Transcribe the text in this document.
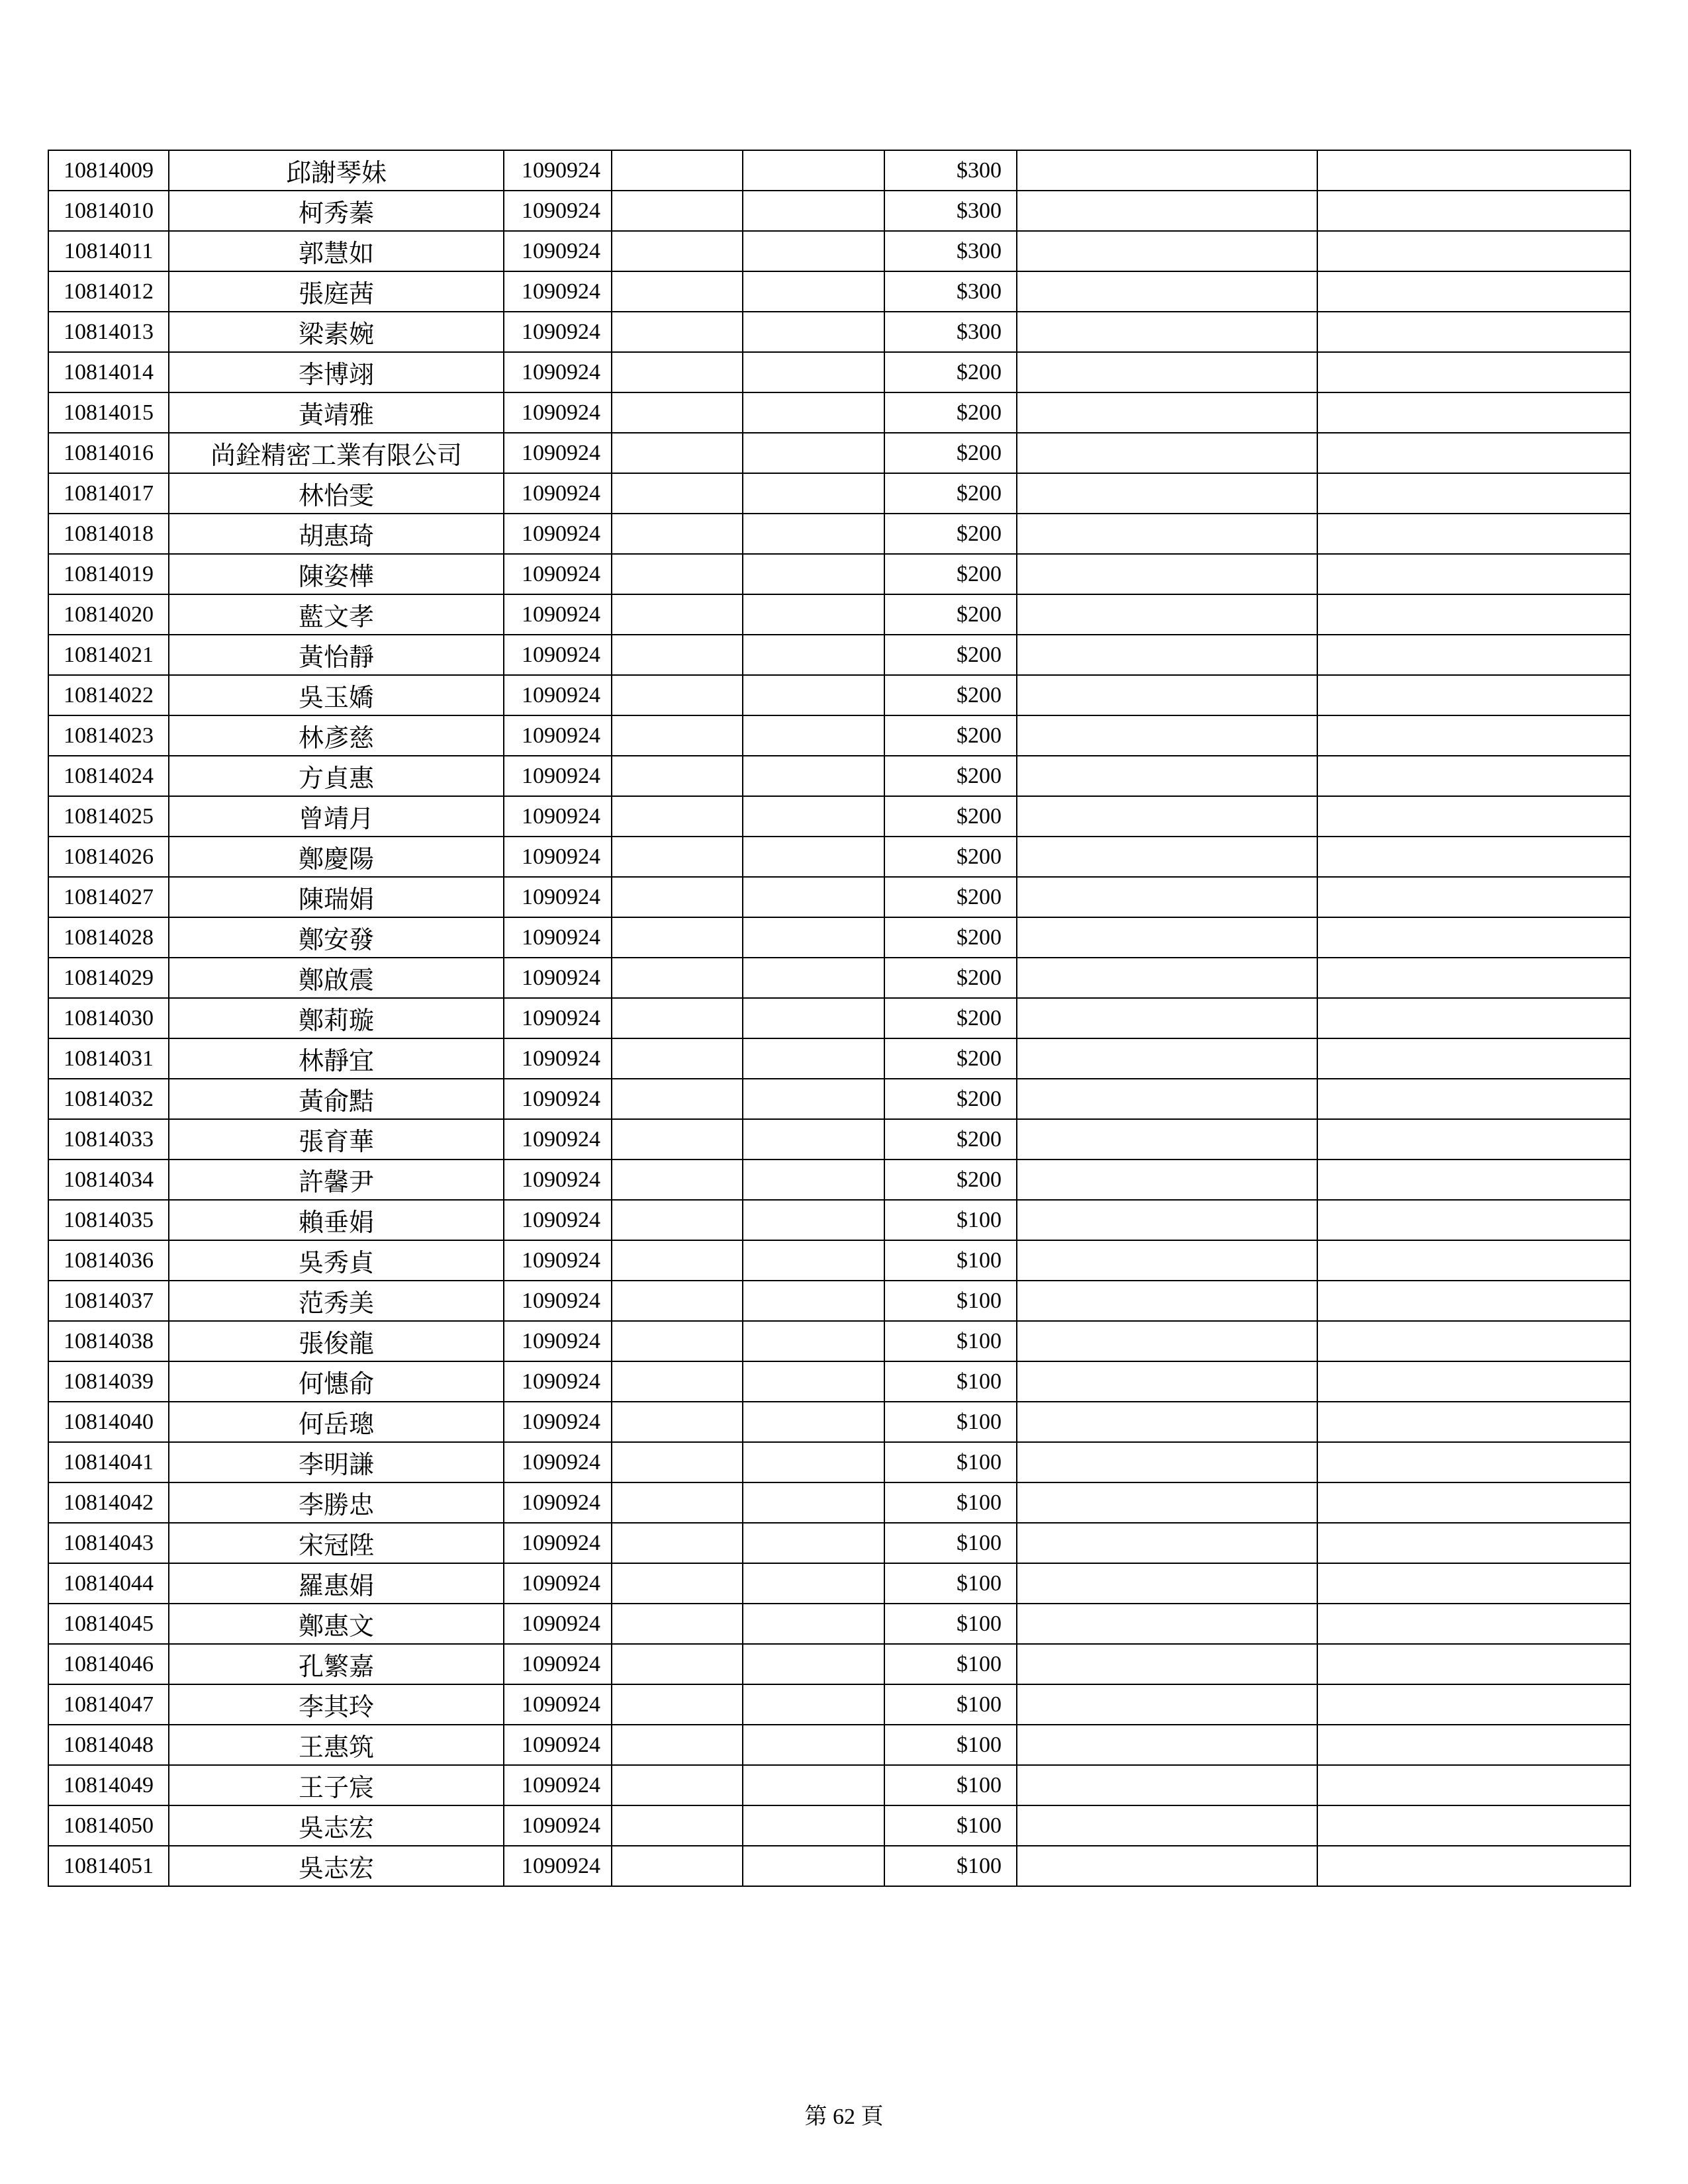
10814009	邱謝琴妹	1090924			$300		
10814010	柯秀蓁	1090924			$300		
10814011	郭慧如	1090924			$300		
10814012	張庭茜	1090924			$300		
10814013	梁素婉	1090924			$300		
10814014	李博翊	1090924			$200		
10814015	黃靖雅	1090924			$200		
10814016	尚銓精密工業有限公司	1090924			$200		
10814017	林怡雯	1090924			$200		
10814018	胡惠琦	1090924			$200		
10814019	陳姿樺	1090924			$200		
10814020	藍文孝	1090924			$200		
10814021	黃怡靜	1090924			$200		
10814022	吳玉嬌	1090924			$200		
10814023	林彥慈	1090924			$200		
10814024	方貞惠	1090924			$200		
10814025	曾靖月	1090924			$200		
10814026	鄭慶陽	1090924			$200		
10814027	陳瑞娟	1090924			$200		
10814028	鄭安發	1090924			$200		
10814029	鄭啟震	1090924			$200		
10814030	鄭莉璇	1090924			$200		
10814031	林靜宜	1090924			$200		
10814032	黃俞黠	1090924			$200		
10814033	張育華	1090924			$200		
10814034	許馨尹	1090924			$200		
10814035	賴垂娟	1090924			$100		
10814036	吳秀貞	1090924			$100		
10814037	范秀美	1090924			$100		
10814038	張俊龍	1090924			$100		
10814039	何憓俞	1090924			$100		
10814040	何岳璁	1090924			$100		
10814041	李明謙	1090924			$100		
10814042	李勝忠	1090924			$100		
10814043	宋冠陞	1090924			$100		
10814044	羅惠娟	1090924			$100		
10814045	鄭惠文	1090924			$100		
10814046	孔繁嘉	1090924			$100		
10814047	李其玲	1090924			$100		
10814048	王惠筑	1090924			$100		
10814049	王子宸	1090924			$100		
10814050	吳志宏	1090924			$100		
10814051	吳志宏	1090924			$100		
第 62 頁
